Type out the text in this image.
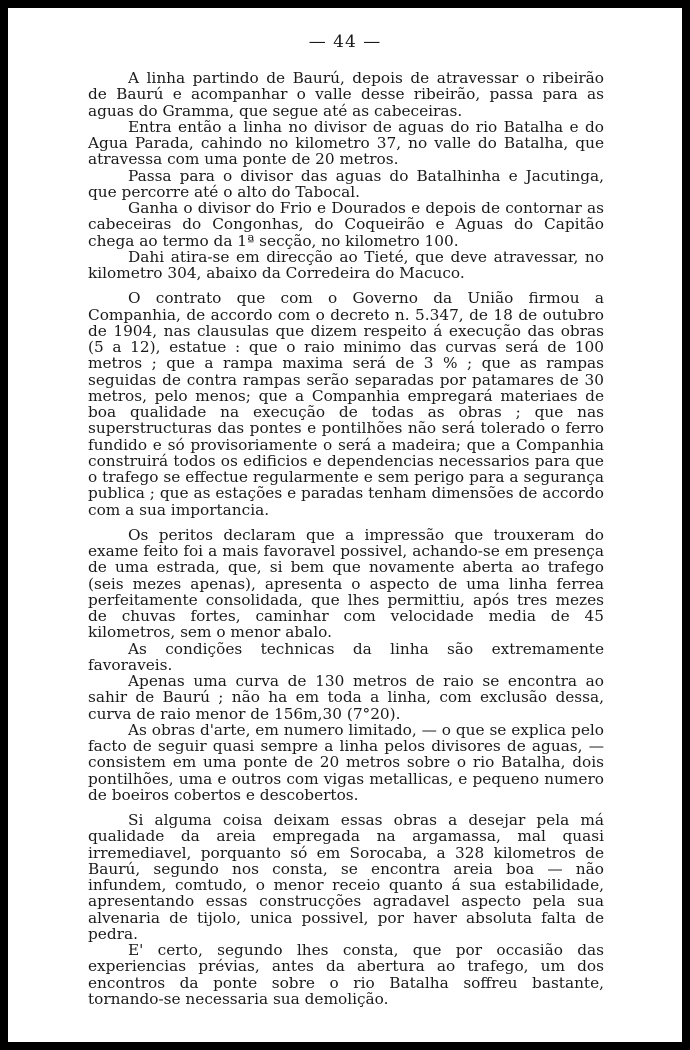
— 44 —

A linha partindo de Baurú, depois de atravessar o ribeirão de Baurú e acompanhar o valle desse ribeirão, passa para as aguas do Gramma, que segue até as cabeceiras.

Entra então a linha no divisor de aguas do rio Batalha e do Agua Parada, cahindo no kilometro 37, no valle do Batalha, que atravessa com uma ponte de 20 metros.

Passa para o divisor das aguas do Batalhinha e Jacutinga, que percorre até o alto do Tabocal.

Ganha o divisor do Frio e Dourados e depois de contornar as cabeceiras do Congonhas, do Coqueirão e Aguas do Capitão chega ao termo da 1ª secção, no kilometro 100.

Dahi atira-se em direcção ao Tieté, que deve atravessar, no kilometro 304, abaixo da Corredeira do Macuco.

O contrato que com o Governo da União firmou a Companhia, de accordo com o decreto n. 5.347, de 18 de outubro de 1904, nas clausulas que dizem respeito á execução das obras (5 a 12), estatue : que o raio minimo das curvas será de 100 metros ; que a rampa maxima será de 3 % ; que as rampas seguidas de contra rampas serão separadas por patamares de 30 metros, pelo menos; que a Companhia empregará materiaes de boa qualidade na execução de todas as obras ; que nas superstructuras das pontes e pontilhões não será tolerado o ferro fundido e só provisoriamente o será a madeira; que a Companhia construirá todos os edificios e dependencias necessarios para que o trafego se effectue regularmente e sem perigo para a segurança publica ; que as estações e paradas tenham dimensões de accordo com a sua importancia.

Os peritos declaram que a impressão que trouxeram do exame feito foi a mais favoravel possivel, achando-se em presença de uma estrada, que, si bem que novamente aberta ao trafego (seis mezes apenas), apresenta o aspecto de uma linha ferrea perfeitamente consolidada, que lhes permittiu, após tres mezes de chuvas fortes, caminhar com velocidade media de 45 kilometros, sem o menor abalo.

As condições technicas da linha são extremamente favoraveis.

Apenas uma curva de 130 metros de raio se encontra ao sahir de Baurú ; não ha em toda a linha, com exclusão dessa, curva de raio menor de 156m,30 (7°20).

As obras d'arte, em numero limitado, — o que se explica pelo facto de seguir quasi sempre a linha pelos divisores de aguas, — consistem em uma ponte de 20 metros sobre o rio Batalha, dois pontilhões, uma e outros com vigas metallicas, e pequeno numero de boeiros cobertos e descobertos.

Si alguma coisa deixam essas obras a desejar pela má qualidade da areia empregada na argamassa, mal quasi irremediavel, porquanto só em Sorocaba, a 328 kilometros de Baurú, segundo nos consta, se encontra areia boa — não infundem, comtudo, o menor receio quanto á sua estabilidade, apresentando essas construcções agradavel aspecto pela sua alvenaria de tijolo, unica possivel, por haver absoluta falta de pedra.

E' certo, segundo lhes consta, que por occasião das experiencias prévias, antes da abertura ao trafego, um dos encontros da ponte sobre o rio Batalha soffreu bastante, tornando-se necessaria sua demolição.
